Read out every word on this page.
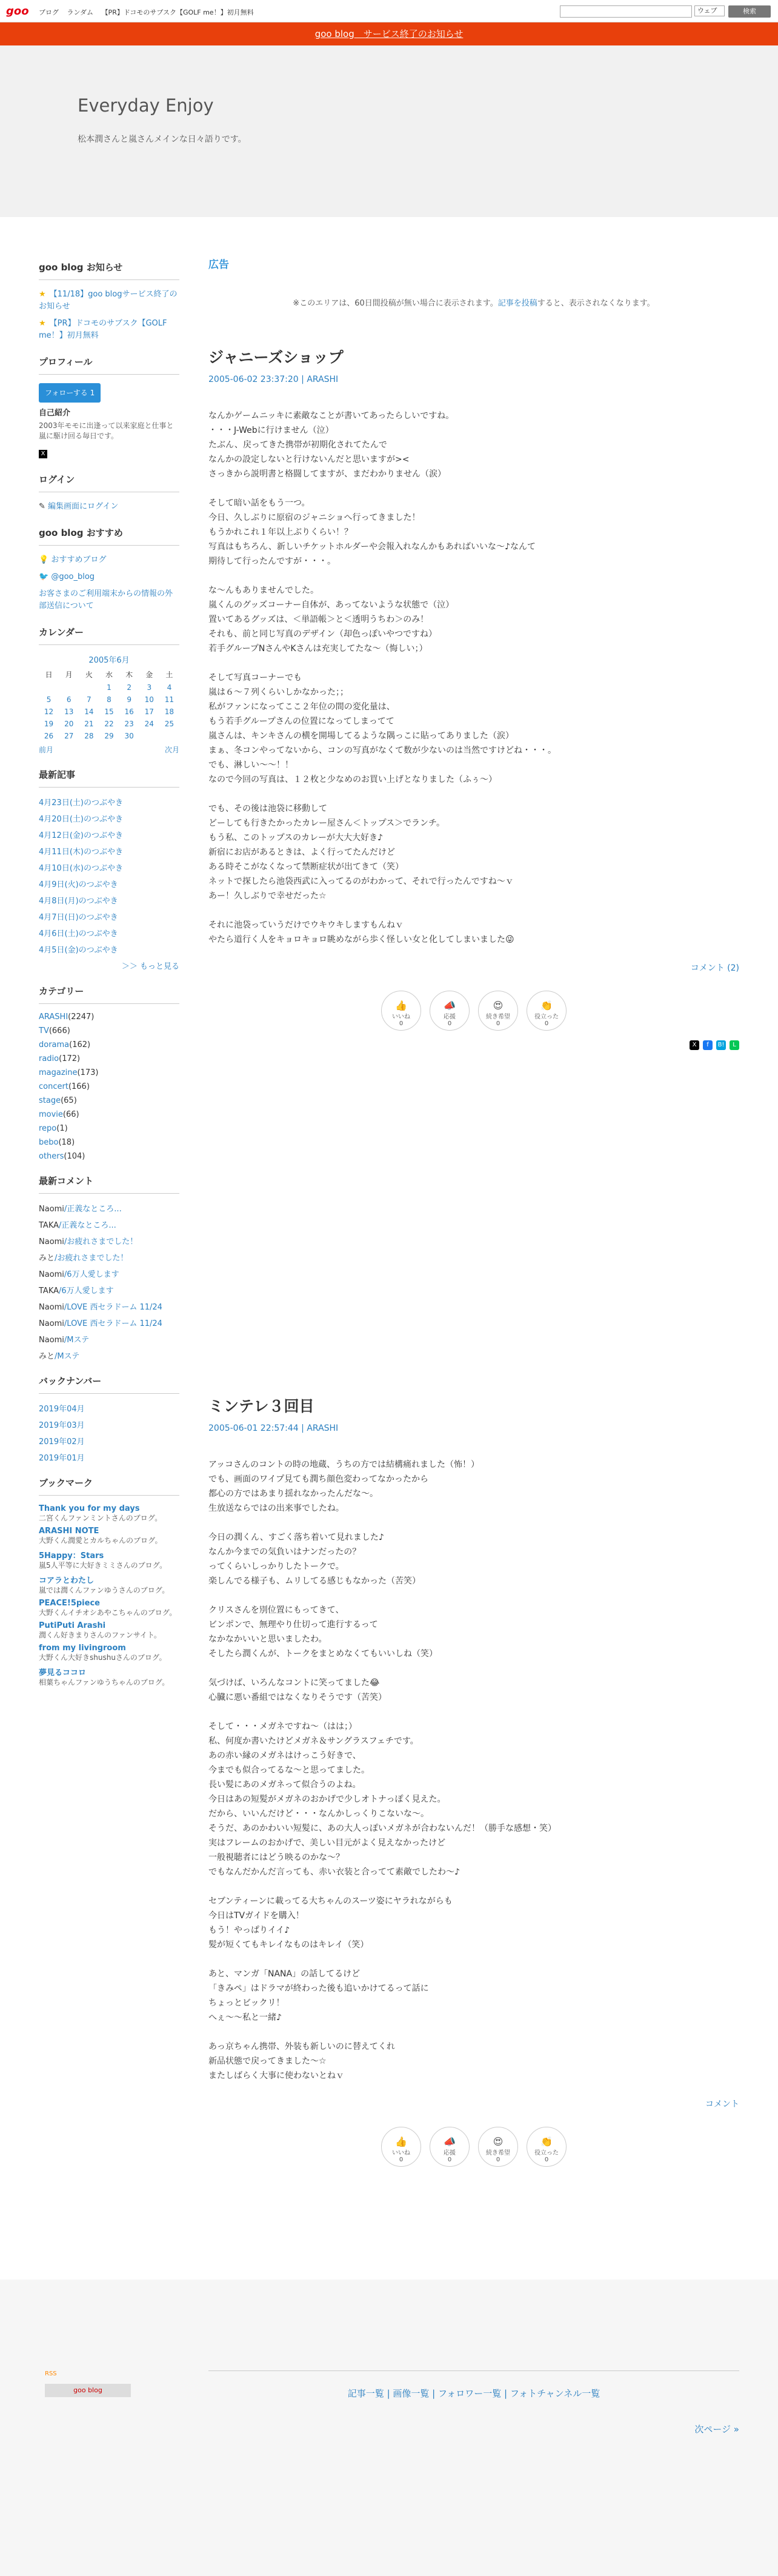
goo ブログ ランダム 【PR】ドコモのサブスク【GOLF me！】初月無料	ウェブ	検索
goo blog　サービス終了のお知らせ
Everyday Enjoy
松本潤さんと嵐さんメインな日々語りです。
goo blog お知らせ
★ 【11/18】goo blogサービス終了のお知らせ
★ 【PR】ドコモのサブスク【GOLF me！】初月無料
プロフィール
フォローする 1
自己紹介
2003年モモに出逢って以来家庭と仕事と嵐に駆け回る毎日です。
X
ログイン
✎ 編集画面にログイン
goo blog おすすめ
💡 おすすめブログ
🐦 @goo_blog
お客さまのご利用端末からの情報の外部送信について
カレンダー
2005年6月
日	月	火	水	木	金	土
			1	2	3	4
5	6	7	8	9	10	11
12	13	14	15	16	17	18
19	20	21	22	23	24	25
26	27	28	29	30		
前月	次月
最新記事
4月23日(土)のつぶやき
4月20日(土)のつぶやき
4月12日(金)のつぶやき
4月11日(木)のつぶやき
4月10日(水)のつぶやき
4月9日(火)のつぶやき
4月8日(月)のつぶやき
4月7日(日)のつぶやき
4月6日(土)のつぶやき
4月5日(金)のつぶやき
＞＞ もっと見る
カテゴリー
ARASHI(2247)
TV(666)
dorama(162)
radio(172)
magazine(173)
concert(166)
stage(65)
movie(66)
repo(1)
bebo(18)
others(104)
最新コメント
Naomi/正義なところ...
TAKA/正義なところ...
Naomi/お疲れさまでした！
みと/お疲れさまでした！
Naomi/6万人愛します
TAKA/6万人愛します
Naomi/LOVE 西セラドーム 11/24
Naomi/LOVE 西セラドーム 11/24
Naomi/Mステ
みと/Mステ
バックナンバー
2019年04月
2019年03月
2019年02月
2019年01月
ブックマーク
Thank you for my days
二宮くんファンミントさんのブログ。
ARASHI NOTE
大野くん潤愛とカルちゃんのブログ。
5Happy：Stars
嵐5人平等に大好きミミさんのブログ。
コアラとわたし
嵐では潤くんファンゆうさんのブログ。
PEACE!5piece
大野くんイチオシあやこちゃんのブログ。
PutiPuti Arashi
潤くん好きまりさんのファンサイト。
from my livingroom
大野くん大好きshushuさんのブログ。
夢見るココロ
相葉ちゃんファンゆうちゃんのブログ。
広告
※このエリアは、60日間投稿が無い場合に表示されます。記事を投稿すると、表示されなくなります。
ジャニーズショップ
2005-06-02 23:37:20 | ARASHI

なんかゲームニッキに素敵なことが書いてあったらしいですね。
・・・J-Webに行けません（泣）
たぶん、戻ってきた携帯が初期化されてたんで
なんかの設定しないと行けないんだと思いますが><
さっきから説明書と格闘してますが、まだわかりません（涙）

そして暗い話をもう一つ。
今日、久しぶりに原宿のジャニショへ行ってきました！
もうかれこれ１年以上ぶりくらい！？
写真はもちろん、新しいチケットホルダーや会報入れなんかもあればいいな～♪なんて
期待して行ったんですが・・・。

な～んもありませんでした。
嵐くんのグッズコーナー自体が、あってないような状態で（泣）
置いてあるグッズは、＜単語帳＞と＜透明うちわ＞のみ！
それも、前と同じ写真のデザイン（却色っぽいやつですね）
若手グループNさんやKさんは充実してたな～（悔しい；）

そして写真コーナーでも
嵐は６～７列くらいしかなかった；；
私がファンになってここ２年位の間の変化量は、
もう若手グループさんの位置になってしまってて
嵐さんは、キンキさんの横を開場してるような隅っこに貼ってありました（涙）
まぁ、冬コンやってないから、コンの写真がなくて数が少ないのは当然ですけどね・・・。
でも、淋しい～～！！
なので今回の写真は、１２枚と少なめのお買い上げとなりました（ふぅ～）

でも、その後は池袋に移動して
どーしても行きたかったカレー屋さん＜トップス＞でランチ。
もう私、このトップスのカレーが大大大好き♪
新宿にお店があるときは、よく行ってたんだけど
ある時そこがなくなって禁断症状が出てきて（笑）
ネットで探したら池袋西武に入ってるのがわかって、それで行ったんですね～ｖ
あー！久しぶりで幸せだった☆

それに池袋っていうだけでウキウキしますもんねｖ
やたら道行く人をキョロキョロ眺めながら歩く怪しい女と化してしまいました😜

コメント (2)
👍
いいね
0
📣
応援
0
😍
続き希望
0
👏
役立った
0
X	f	B!	L
ミンテレ３回目
2005-06-01 22:57:44 | ARASHI

アッコさんのコントの時の地蔵、うちの方では結構痛れました（怖！）
でも、画面のワイプ見ても潤ち顔色変わってなかったから
都心の方ではあまり揺れなかったんだな～。
生放送ならではの出来事でしたね。

今日の潤くん、すごく落ち着いて見れました♪
なんか今までの気負いはナンだったの？
ってくらいしっかりしたトークで。
楽しんでる様子も、ムリしてる感じもなかった（苦笑）

クリスさんを別位置にもってきて、
ビンポンで、無理やり仕切って進行するって
なかなかいいと思いましたわ。
そしたら潤くんが、トークをまとめなくてもいいしね（笑）

気づけば、いろんなコントに笑ってました😂
心臓に悪い番組ではなくなりそうです（苦笑）

そして・・・メガネですね～（はは；）
私、何度か書いたけどメガネ＆サングラスフェチです。
あの赤い縁のメガネはけっこう好きで、
今までも似合ってるな～と思ってました。
長い髪にあのメガネって似合うのよね。
今日はあの短髪がメガネのおかげで少しオトナっぽく見えた。
だから、いいんだけど・・・なんかしっくりこないな～。
そうだ、あのかわいい短髪に、あの大人っぽいメガネが合わないんだ！（勝手な感想・笑）
実はフレームのおかげで、美しい目元がよく見えなかったけど
一般視聴者にはどう映るのかな～？
でもなんだかんだ言っても、赤い衣装と合ってて素敵でしたわ～♪

セブンティーンに載ってる大ちゃんのスーツ姿にヤラれながらも
今日はTVガイドを購入！
もう！やっぱりイイ♪
髪が短くてもキレイなものはキレイ（笑）

あと、マンガ「NANA」の話してるけど
「きみペ」はドラマが終わった後も追いかけてるって話に
ちょっとビックリ！
へぇ～～私と一緒♪

あっ京ちゃん携帯、外装も新しいのに替えてくれ
新品状態で戻ってきました～☆
またしばらく大事に使わないとねｖ

コメント
👍
いいね
0
📣
応援
0
😍
続き希望
0
👏
役立った
0
RSS
goo blog	記事一覧 | 画像一覧 | フォロワー一覧 | フォトチャンネル一覧
次ページ »
